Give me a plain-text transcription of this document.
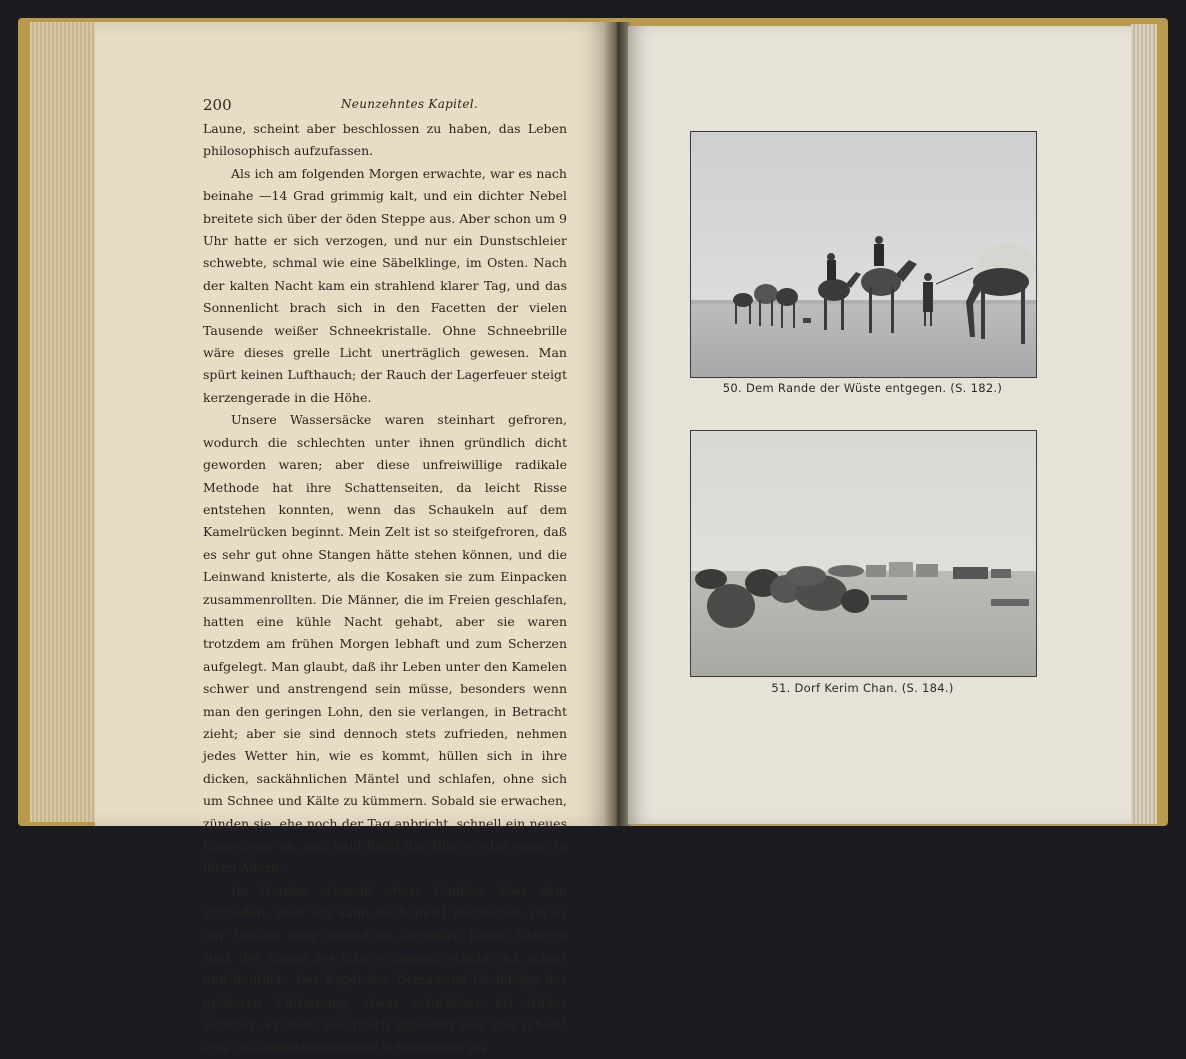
200	Neunzehntes Kapitel.

Laune, scheint aber beschlossen zu haben, das Leben philosophisch aufzufassen.

Als ich am folgenden Morgen erwachte, war es nach beinahe —14 Grad grimmig kalt, und ein dichter Nebel breitete sich über der öden Steppe aus. Aber schon um 9 Uhr hatte er sich verzogen, und nur ein Dunstschleier schwebte, schmal wie eine Säbelklinge, im Osten. Nach der kalten Nacht kam ein strahlend klarer Tag, und das Sonnenlicht brach sich in den Facetten der vielen Tausende weißer Schneekristalle. Ohne Schneebrille wäre dieses grelle Licht unerträglich gewesen. Man spürt keinen Lufthauch; der Rauch der Lagerfeuer steigt kerzengerade in die Höhe.

Unsere Wassersäcke waren steinhart gefroren, wodurch die schlechten unter ihnen gründlich dicht geworden waren; aber diese unfreiwillige radikale Methode hat ihre Schattenseiten, da leicht Risse entstehen konnten, wenn das Schaukeln auf dem Kamelrücken beginnt. Mein Zelt ist so steifgefroren, daß es sehr gut ohne Stangen hätte stehen können, und die Leinwand knisterte, als die Kosaken sie zum Einpacken zusammenrollten. Die Männer, die im Freien geschlafen, hatten eine kühle Nacht gehabt, aber sie waren trotzdem am frühen Morgen lebhaft und zum Scherzen aufgelegt. Man glaubt, daß ihr Leben unter den Kamelen schwer und anstrengend sein müsse, besonders wenn man den geringen Lohn, den sie verlangen, in Betracht zieht; aber sie sind dennoch stets zufrieden, nehmen jedes Wetter hin, wie es kommt, hüllen sich in ihre dicken, sackähnlichen Mäntel und schlafen, ohne sich um Schnee und Kälte zu kümmern. Sobald sie erwachen, zünden sie, ehe noch der Tag anbricht, schnell ein neues Lagerfeuer an, und bald fließt das Blut wieder warm in ihren Adern.

Im Norden schwebt etwas Dunkles über dem Erdboden, aber ich kann noch nicht feststellen, ob es nur Wolken oder undeutlich sichtbare kleine Gebirge sind, der Kamm des Elburs dagegen erhebt sich scharf und deutlich. Der Kegel des Demawend ist infolge der größeren Entfernung etwas schwächer als früher sichtbar; er sieht wie frisch gepudert aus und scheint eine zusammenhängendere Schneedecke als

50. Dem Rande der Wüste entgegen. (S. 182.)
51. Dorf Kerim Chan. (S. 184.)
